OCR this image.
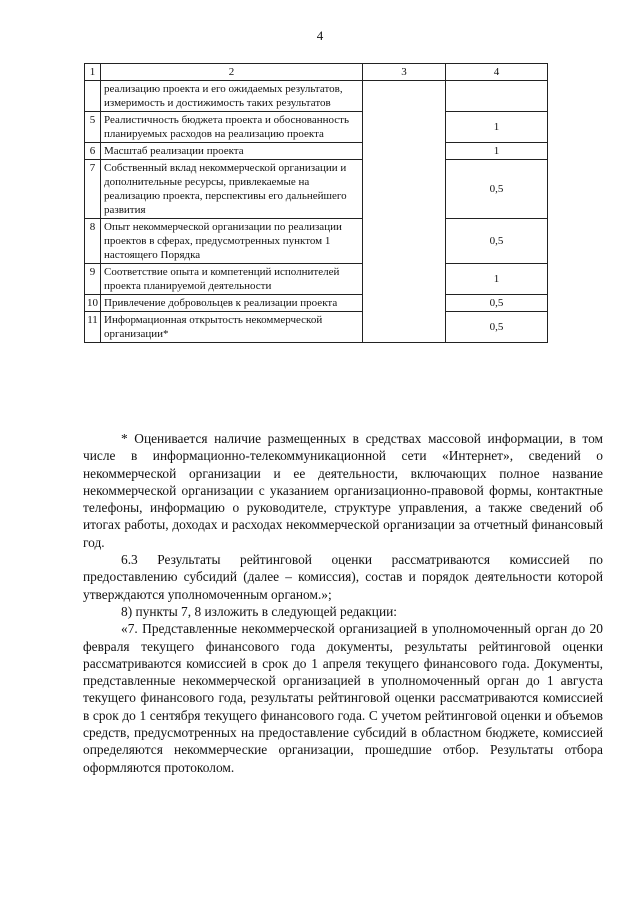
4
1	2	3	4
	реализацию проекта и его ожидаемых результатов, измеримость и достижимость таких результатов		
5	Реалистичность бюджета проекта и обоснованность планируемых расходов на реализацию проекта		1
6	Масштаб реализации проекта		1
7	Собственный вклад некоммерческой организации и дополнительные ресурсы, привлекаемые на реализацию проекта, перспективы его дальнейшего развития		0,5
8	Опыт некоммерческой организации по реализации проектов в сферах, предусмотренных пунктом 1 настоящего Порядка		0,5
9	Соответствие опыта и компетенций исполнителей проекта планируемой деятельности		1
10	Привлечение добровольцев к реализации проекта		0,5
11	Информационная открытость некоммерческой организации*		0,5

* Оценивается наличие размещенных в средствах массовой информации, в том числе в информационно-телекоммуникационной сети «Интернет», сведений о некоммерческой организации и ее деятельности, включающих полное название некоммерческой организации с указанием организационно-правовой формы, контактные телефоны, информацию о руководителе, структуре управления, а также сведений об итогах работы, доходах и расходах некоммерческой организации за отчетный финансовый год.

6.3 Результаты рейтинговой оценки рассматриваются комиссией по предоставлению субсидий (далее – комиссия), состав и порядок деятельности которой утверждаются уполномоченным органом.»;

8) пункты 7, 8 изложить в следующей редакции:

«7. Представленные некоммерческой организацией в уполномоченный орган до 20 февраля текущего финансового года документы, результаты рейтинговой оценки рассматриваются комиссией в срок до 1 апреля текущего финансового года. Документы, представленные некоммерческой организацией в уполномоченный орган до 1 августа текущего финансового года, результаты рейтинговой оценки рассматриваются комиссией в срок до 1 сентября текущего финансового года. С учетом рейтинговой оценки и объемов средств, предусмотренных на предоставление субсидий в областном бюджете, комиссией определяются некоммерческие организации, прошедшие отбор. Результаты отбора оформляются протоколом.
